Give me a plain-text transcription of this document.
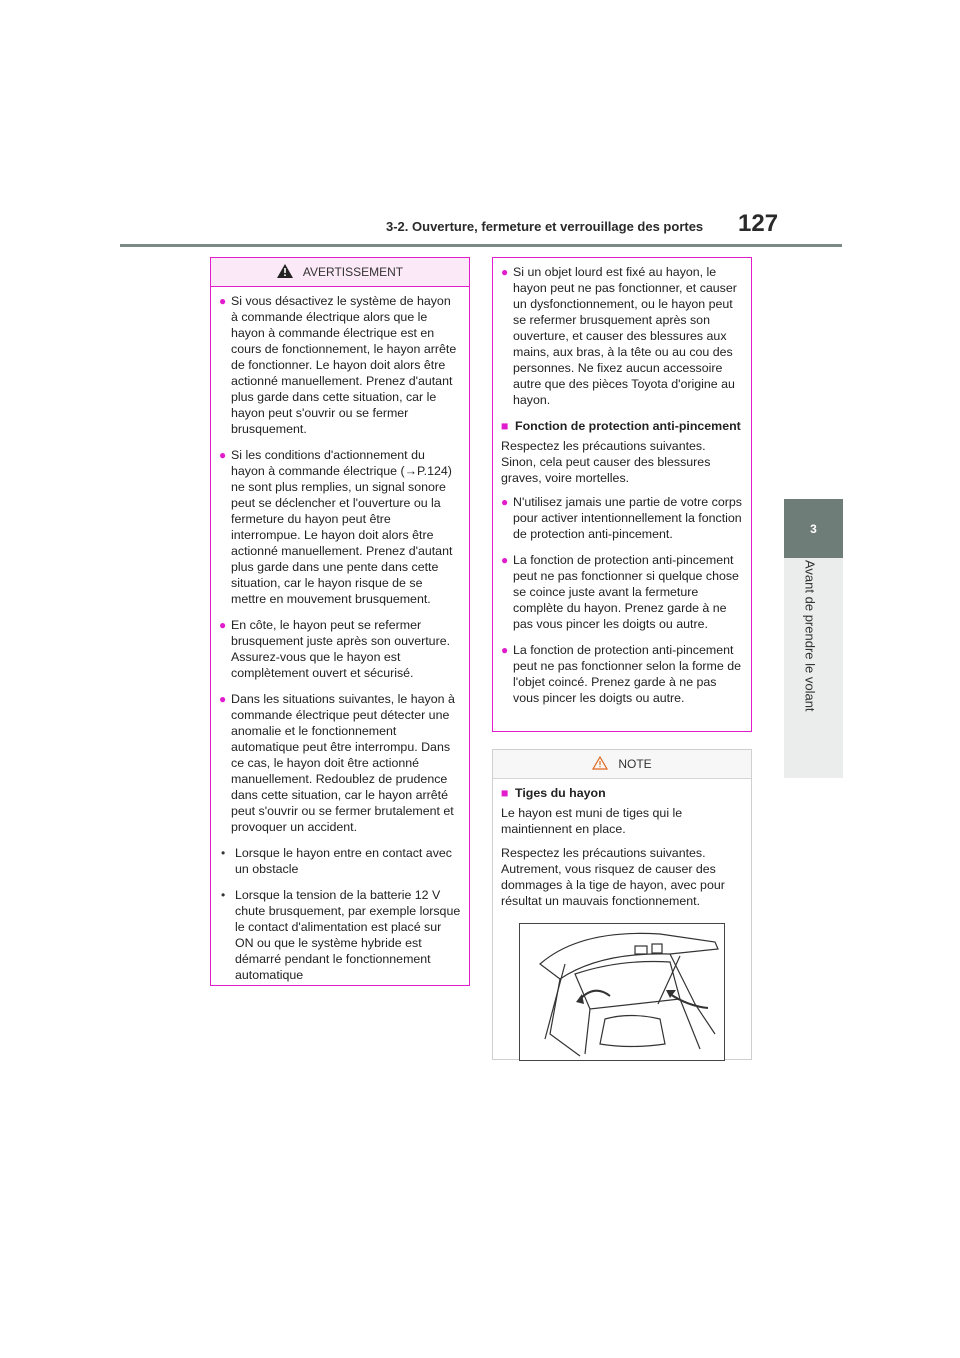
3-2. Ouverture, fermeture et verrouillage des portes 127
3
Avant de prendre le volant
AVERTISSEMENT
● Si vous désactivez le système de hayon à commande électrique alors que le hayon à commande électrique est en cours de fonctionnement, le hayon arrête de fonctionner. Le hayon doit alors être actionné manuellement. Prenez d'autant plus garde dans cette situation, car le hayon peut s'ouvrir ou se fermer brusquement.
● Si les conditions d'actionnement du hayon à commande électrique (→P.124) ne sont plus remplies, un signal sonore peut se déclencher et l'ouverture ou la fermeture du hayon peut être interrompue. Le hayon doit alors être actionné manuellement. Prenez d'autant plus garde dans une pente dans cette situation, car le hayon risque de se mettre en mouvement brusquement.
● En côte, le hayon peut se refermer brusquement juste après son ouverture. Assurez-vous que le hayon est complètement ouvert et sécurisé.
● Dans les situations suivantes, le hayon à commande électrique peut détecter une anomalie et le fonctionnement automatique peut être interrompu. Dans ce cas, le hayon doit être actionné manuellement. Redoublez de prudence dans cette situation, car le hayon arrêté peut s'ouvrir ou se fermer brutalement et provoquer un accident.
• Lorsque le hayon entre en contact avec un obstacle
• Lorsque la tension de la batterie 12 V chute brusquement, par exemple lorsque le contact d'alimentation est placé sur ON ou que le système hybride est démarré pendant le fonctionnement automatique
● Si un objet lourd est fixé au hayon, le hayon peut ne pas fonctionner, et causer un dysfonctionnement, ou le hayon peut se refermer brusquement après son ouverture, et causer des blessures aux mains, aux bras, à la tête ou au cou des personnes. Ne fixez aucun accessoire autre que des pièces Toyota d'origine au hayon.
■ Fonction de protection anti-pincement
Respectez les précautions suivantes. Sinon, cela peut causer des blessures graves, voire mortelles.
● N'utilisez jamais une partie de votre corps pour activer intentionnellement la fonction de protection anti-pincement.
● La fonction de protection anti-pincement peut ne pas fonctionner si quelque chose se coince juste avant la fermeture complète du hayon. Prenez garde à ne pas vous pincer les doigts ou autre.
● La fonction de protection anti-pincement peut ne pas fonctionner selon la forme de l'objet coincé. Prenez garde à ne pas vous pincer les doigts ou autre.
NOTE
■ Tiges du hayon
Le hayon est muni de tiges qui le maintiennent en place.
Respectez les précautions suivantes. Autrement, vous risquez de causer des dommages à la tige de hayon, avec pour résultat un mauvais fonctionnement.
